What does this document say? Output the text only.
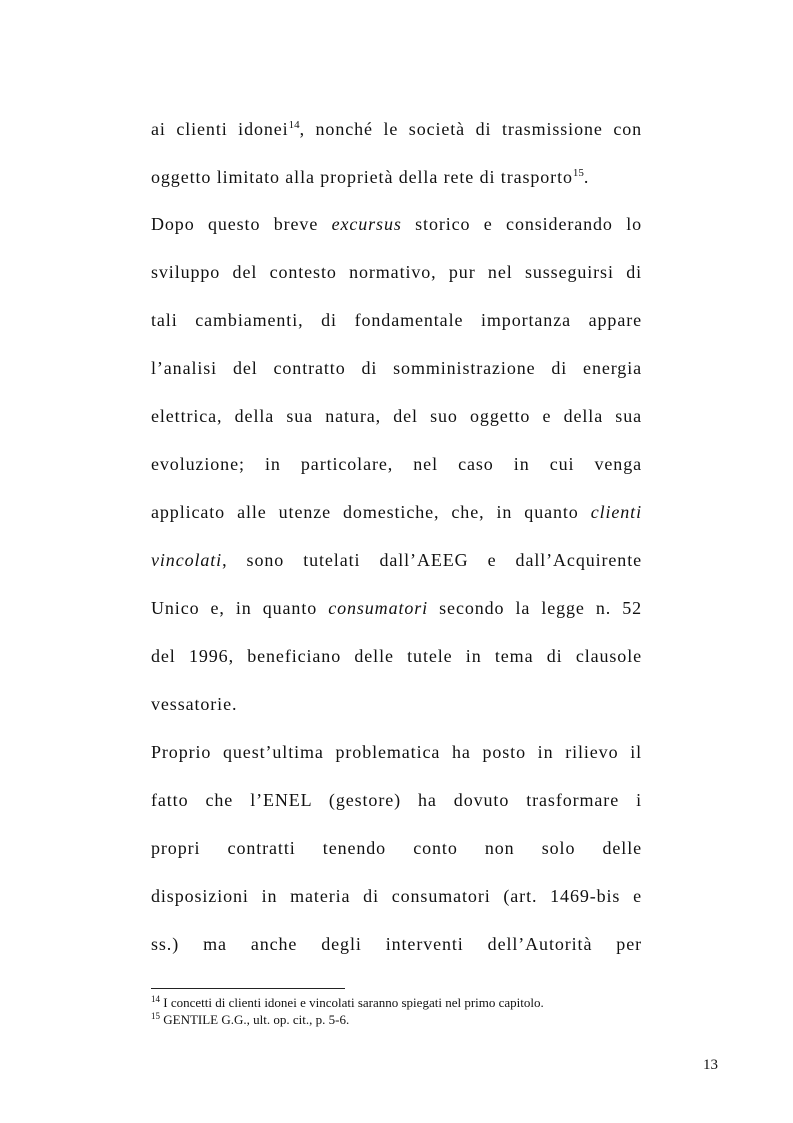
ai clienti idonei$^{14}$, nonché le società di trasmissione con
oggetto limitato alla proprietà della rete di trasporto$^{15}$.
Dopo questo breve excursus storico e considerando lo
sviluppo del contesto normativo, pur nel susseguirsi di
tali cambiamenti, di fondamentale importanza appare
l’analisi del contratto di somministrazione di energia
elettrica, della sua natura, del suo oggetto e della sua
evoluzione; in particolare, nel caso in cui venga
applicato alle utenze domestiche, che, in quanto clienti
vincolati, sono tutelati dall’AEEG e dall’Acquirente
Unico e, in quanto consumatori secondo la legge n. 52
del 1996, beneficiano delle tutele in tema di clausole
vessatorie.
Proprio quest’ultima problematica ha posto in rilievo il
fatto che l’ENEL (gestore) ha dovuto trasformare i
propri contratti tenendo conto non solo delle
disposizioni in materia di consumatori (art. 1469-bis e
ss.) ma anche degli interventi dell’Autorità per
$^{14}$ I concetti di clienti idonei e vincolati saranno spiegati nel primo capitolo.
$^{15}$ GENTILE G.G., ult. op. cit., p. 5-6.
13
